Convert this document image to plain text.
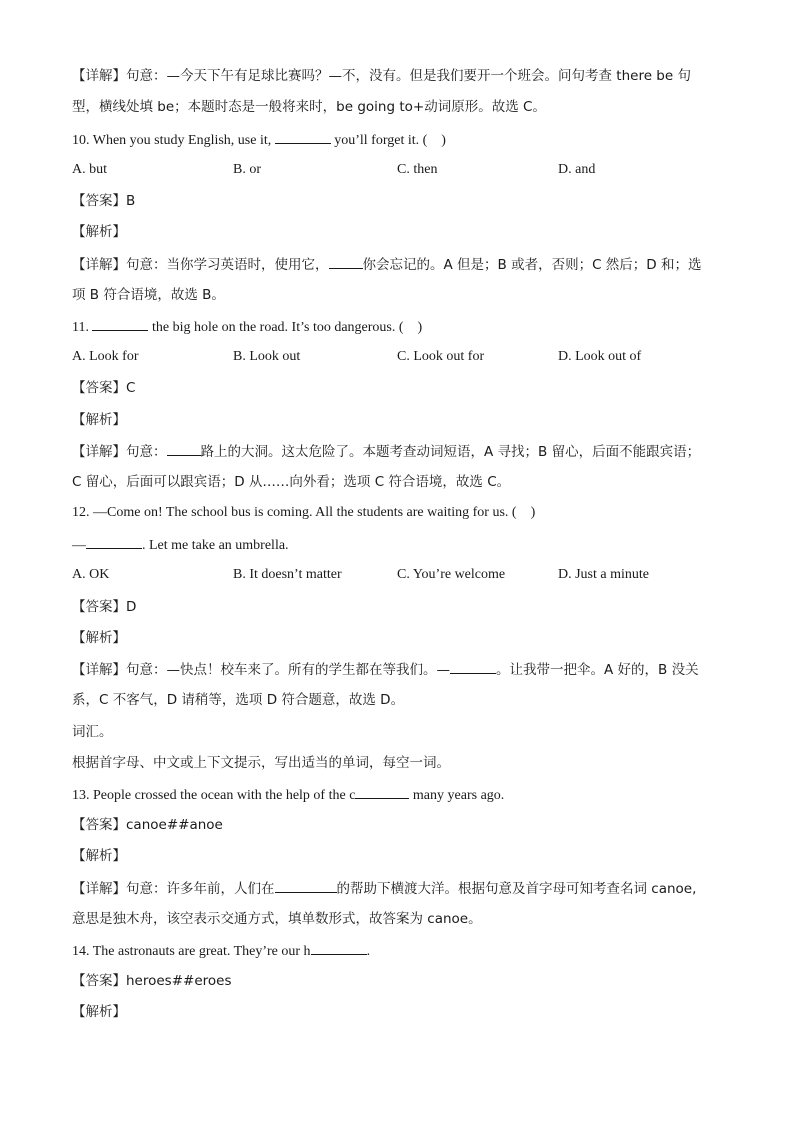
【详解】句意：—今天下午有足球比赛吗？—不，没有。但是我们要开一个班会。问句考查 there be 句
型，横线处填 be；本题时态是一般将来时，be going to+动词原形。故选 C。
10. When you study English, use it,	you’ll forget it. (    )
A. but	B. or	C. then	D. and
【答案】B
【解析】
【详解】句意：当你学习英语时，使用它，	你会忘记的。A 但是；B 或者，否则；C 然后；D 和；选
项 B 符合语境，故选 B。
11.	the big hole on the road. It’s too dangerous. (    )
A. Look for	B. Look out	C. Look out for	D. Look out of
【答案】C
【解析】
【详解】句意：	路上的大洞。这太危险了。本题考查动词短语，A 寻找；B 留心，后面不能跟宾语；
C 留心，后面可以跟宾语；D 从……向外看；选项 C 符合语境，故选 C。
12. —Come on! The school bus is coming. All the students are waiting for us. (    )
—	. Let me take an umbrella.
A. OK	B. It doesn’t matter	C. You’re welcome	D. Just a minute
【答案】D
【解析】
【详解】句意：—快点！校车来了。所有的学生都在等我们。—	。让我带一把伞。A 好的，B 没关
系，C 不客气，D 请稍等，选项 D 符合题意，故选 D。
词汇。
根据首字母、中文或上下文提示，写出适当的单词，每空一词。
13. People crossed the ocean with the help of the c	many years ago.
【答案】canoe##anoe
【解析】
【详解】句意：许多年前，人们在	的帮助下横渡大洋。根据句意及首字母可知考查名词 canoe,
意思是独木舟，该空表示交通方式，填单数形式，故答案为 canoe。
14. The astronauts are great. They’re our h	.
【答案】heroes##eroes
【解析】
